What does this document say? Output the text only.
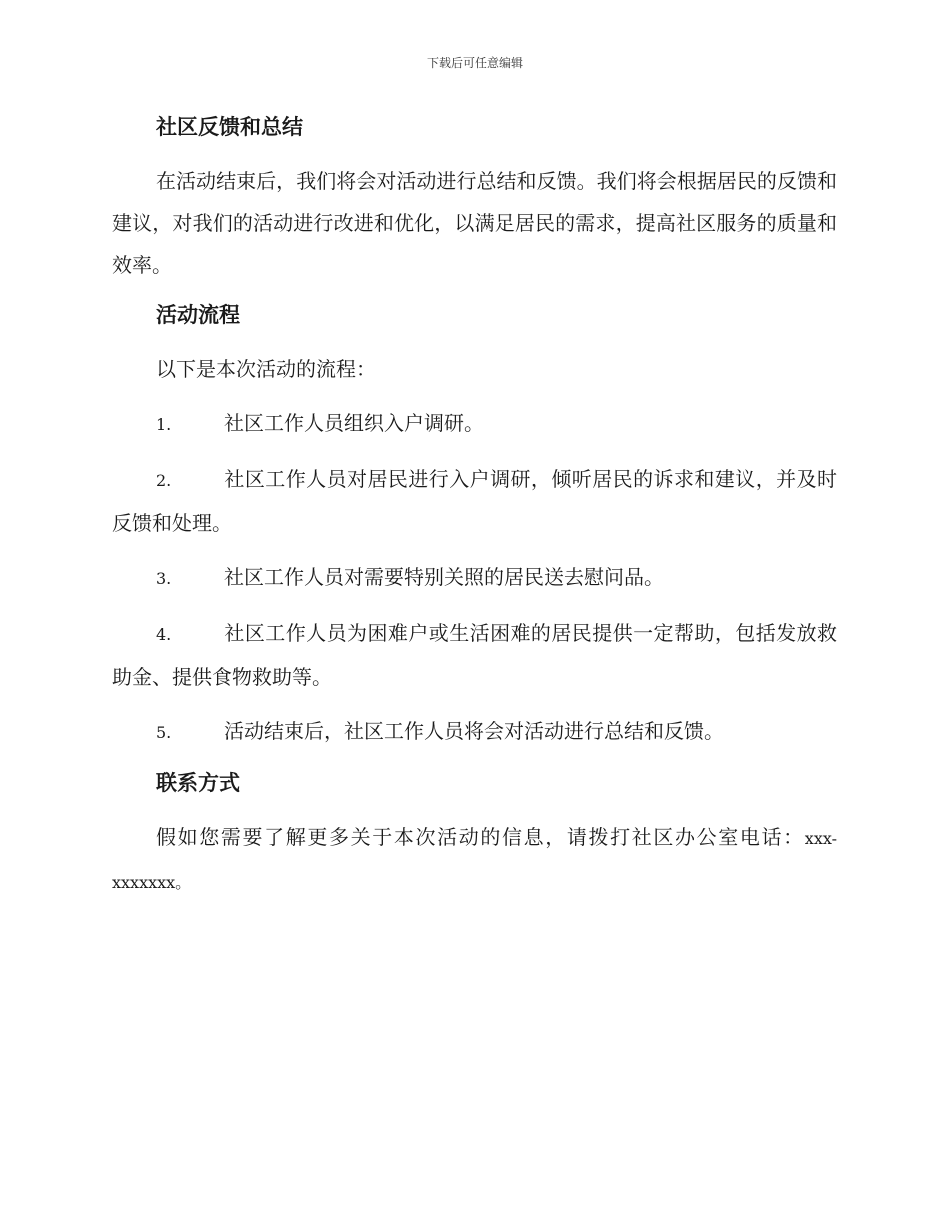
下载后可任意编辑
社区反馈和总结

在活动结束后，我们将会对活动进行总结和反馈。我们将会根据居民的反馈和建议，对我们的活动进行改进和优化，以满足居民的需求，提高社区服务的质量和效率。

活动流程

以下是本次活动的流程：

1.	社区工作人员组织入户调研。

2.	社区工作人员对居民进行入户调研，倾听居民的诉求和建议，并及时反馈和处理。

3.	社区工作人员对需要特别关照的居民送去慰问品。

4.	社区工作人员为困难户或生活困难的居民提供一定帮助，包括发放救助金、提供食物救助等。

5.	活动结束后，社区工作人员将会对活动进行总结和反馈。

联系方式

假如您需要了解更多关于本次活动的信息，请拨打社区办公室电话：xxx-xxxxxxx。
